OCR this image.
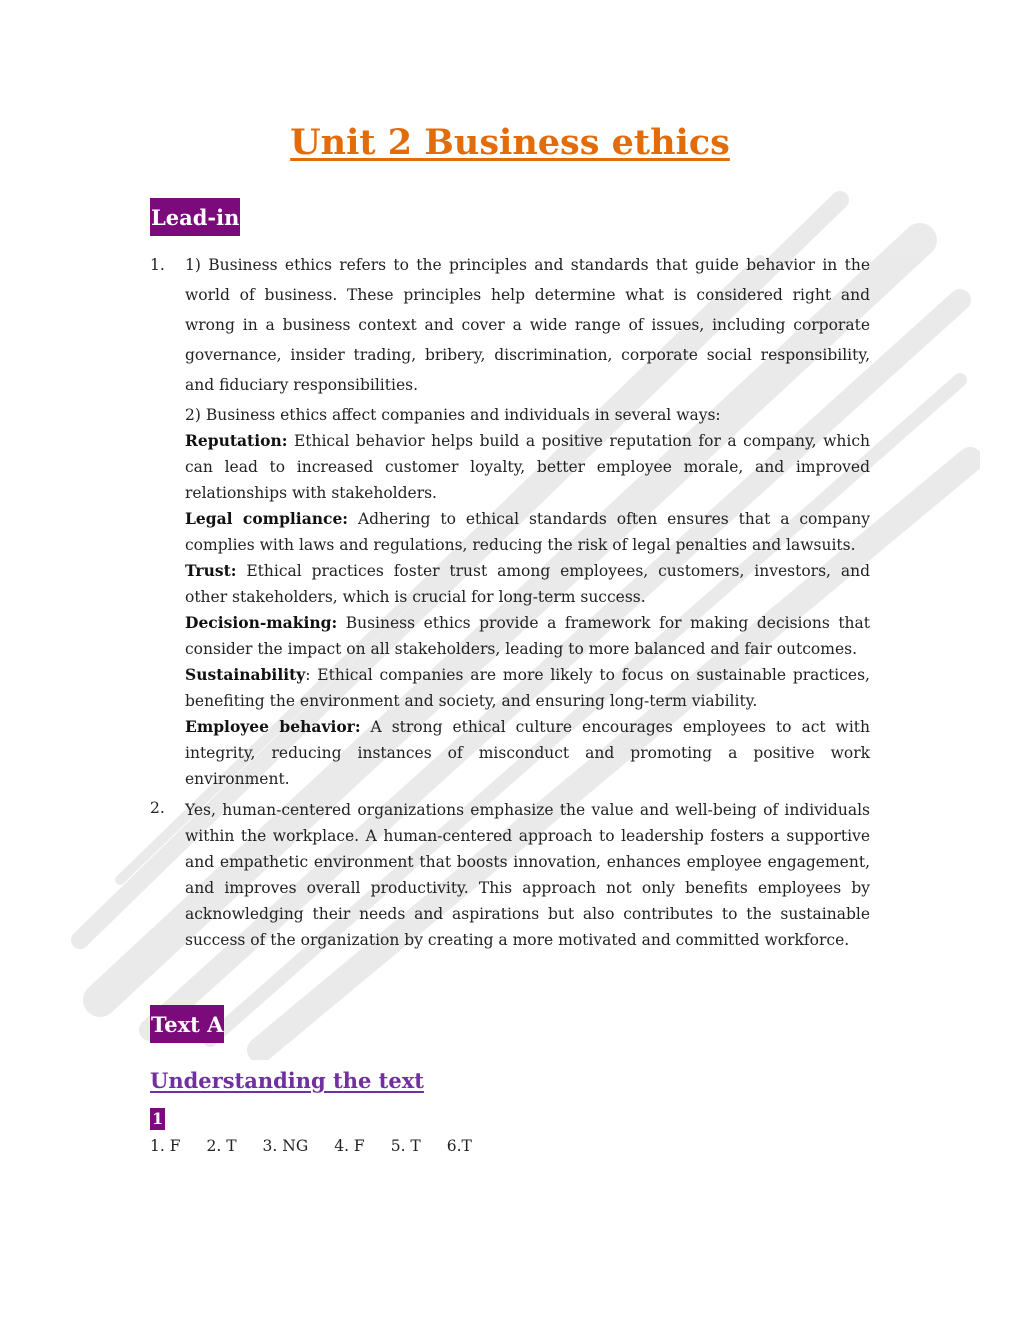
Unit 2 Business ethics
Lead-in
1. 1) Business ethics refers to the principles and standards that guide behavior in the world of business. These principles help determine what is considered right and wrong in a business context and cover a wide range of issues, including corporate governance, insider trading, bribery, discrimination, corporate social responsibility, and fiduciary responsibilities.

2) Business ethics affect companies and individuals in several ways:
Reputation: Ethical behavior helps build a positive reputation for a company, which can lead to increased customer loyalty, better employee morale, and improved relationships with stakeholders.
Legal compliance: Adhering to ethical standards often ensures that a company complies with laws and regulations, reducing the risk of legal penalties and lawsuits.
Trust: Ethical practices foster trust among employees, customers, investors, and other stakeholders, which is crucial for long-term success.
Decision-making: Business ethics provide a framework for making decisions that consider the impact on all stakeholders, leading to more balanced and fair outcomes.
Sustainability: Ethical companies are more likely to focus on sustainable practices, benefiting the environment and society, and ensuring long-term viability.
Employee behavior: A strong ethical culture encourages employees to act with integrity, reducing instances of misconduct and promoting a positive work environment.
2. Yes, human-centered organizations emphasize the value and well-being of individuals within the workplace. A human-centered approach to leadership fosters a supportive and empathetic environment that boosts innovation, enhances employee engagement, and improves overall productivity. This approach not only benefits employees by acknowledging their needs and aspirations but also contributes to the sustainable success of the organization by creating a more motivated and committed workforce.

Text A
Understanding the text
1
1. F 2. T 3. NG 4. F 5. T 6.T
